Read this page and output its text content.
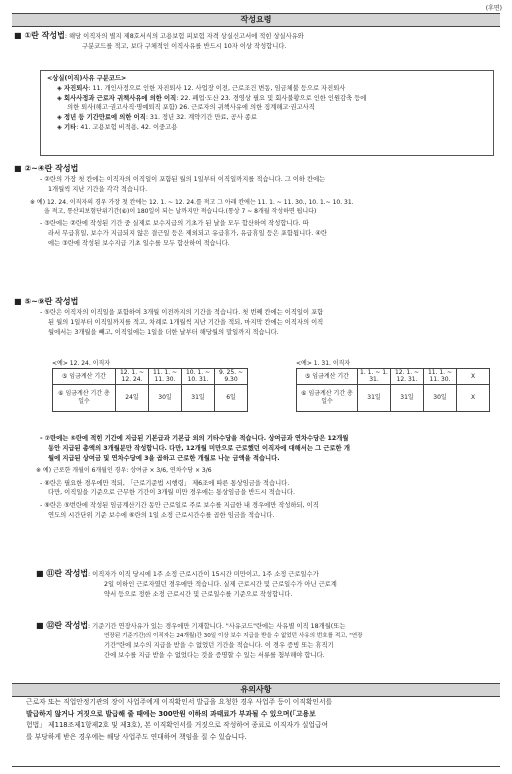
(후면)
작성요령
■ ①란 작성법: 해당 이직자의 별지 제8호서식의 고용보험 피보험 자격 상실신고서에 적힌 상실사유와
구분코드를 적고, 보다 구체적인 이직사유를 반드시 10자 이상 작성합니다.
<상실(이직)사유 구분코드>
◈ 자진퇴사: 11. 개인사정으로 인한 자진퇴사 12. 사업장 이전, 근로조건 변동, 임금체불 등으로 자진퇴사
◈ 회사사정과 근로자 귀책사유에 의한 이직: 22. 폐업·도산 23. 경영상 필요 및 회사불황으로 인한 인원감축 등에
의한 퇴사(해고·권고사직·명예퇴직 포함) 26. 근로자의 귀책사유에 의한 징계해고·권고사직
◈ 정년 등 기간만료에 의한 이직: 31. 정년 32. 계약기간 만료, 공사 종료
◈ 기타: 41. 고용보험 비적용, 42. 이중고용
■ ②~④란 작성법
- ②란의 가장 첫 칸에는 이직자의 이직일이 포함된 월의 1일부터 이직일까지를 적습니다. 그 이하 칸에는
1개월씩 지난 기간을 각각 적습니다.
※ 예) 12. 24. 이직자의 경우 가장 첫 칸에는 12. 1. ~ 12. 24.를 적고 그 아래 칸에는 11. 1. ~ 11. 30., 10. 1.~ 10. 31.
을 적고, 통산피보험단위기간(⑥)이 180일이 되는 날까지만 적습니다.(통상 7 ~ 8개월 작성하면 됩니다)
- ③란에는 ②란에 작성된 기간 중 실제로 보수지급의 기초가 된 날을 모두 합산하여 작성합니다. 따
라서 무급휴일, 보수가 지급되지 않은 결근일 등은 제외되고 유급휴가, 유급휴일 등은 포함됩니다. ④란
에는 ③란에 작성된 보수지급 기초 일수를 모두 합산하여 적습니다.
■ ⑤~⑨란 작성법
- ⑤란은 이직자의 이직일을 포함하여 3개월 이전까지의 기간을 적습니다. 첫 번째 칸에는 이직일이 포함
된 월의 1일부터 이직일까지를 적고, 차례로 1개월씩 지난 기간을 적되, 마지막 칸에는 이직자의 이직
월에서는 3개월을 빼고, 이직일에는 1일을 더한 날부터 해당월의 말일까지 적습니다.
<예> 12. 24. 이직자
⑤ 임금계산 기간	12. 1. ~ 12. 24.	11. 1. ~ 11. 30.	10. 1. ~ 10. 31.	9. 25. ~ 9.30
⑥ 임금계산 기간 총 일수	24일	30일	31일	6일
<예> 1. 31. 이직자
⑤ 임금계산 기간	1. 1. ~ 1. 31.	12. 1. ~ 12. 31.	11. 1. ~ 11. 30.	X
⑥ 임금계산 기간 총 일수	31일	31일	30일	X
- ⑦란에는 ⑤란에 적힌 기간에 지급된 기본급과 기본급 외의 기타수당을 적습니다. 상여금과 연차수당은 12개월
동안 지급된 총액의 3개월분만 작성합니다. 다만, 12개월 미만으로 근로했던 이직자에 대해서는 그 근로한 개
월에 지급된 상여금 및 연차수당에 3을 곱하고 근로한 개월로 나눈 금액을 적습니다.
※ 예) 근로한 개월이 6개월인 경우: 상여금 × 3/6, 연차수당 × 3/6
- ⑧란은 필요한 경우에만 적되, 「근로기준법 시행령」 제6조에 따른 통상임금을 적습니다.
다만, 이직일을 기준으로 근무한 기간이 3개월 미만 경우에는 통상임금을 반드시 적습니다.
- ⑨란은 ⑤번란에 작성된 임금계산기간 동안 근로일로 주로 보수를 지급한 내 경우에만 작성하되, 이직
연도의 시간단위 기준 보수에 ⑥란의 1일 소정 근로시간수를 곱한 임금을 적습니다.
■ ⑪란 작성법: 이직자가 이직 당시에 1주 소정 근로시간이 15시간 미만이고, 1주 소정 근로일수가
2일 이하인 근로자였던 경우에만 적습니다. 실제 근로시간 및 근로일수가 아닌 근로계
약서 등으로 정한 소정 근로시간 및 근로일수를 기준으로 작성합니다.
■ ⑫란 작성법: 기준기간 연장사유가 있는 경우에만 기재합니다. "사유코드"란에는 사유별 이직 18개월(또는
연장된 기준기간)의 이직자는 24개월)간 30일 이상 보수 지급을 받을 수 없었던 사유의 번호를 적고, "연장
기간"란에 보수의 지급을 받을 수 없었던 기간을 적습니다. 이 경우 증빙 또는 휴직기
간에 보수를 지급 받을 수 없었다는 것을 증명할 수 있는 서류를 첨부해야 합니다.
유의사항
근로자 또는 직업안정기관의 장이 사업주에게 이직확인서 발급을 요청한 경우 사업주 등이 이직확인서를
발급하지 않거나 거짓으로 발급해 줄 때에는 300만원 이하의 과태료가 부과될 수 있으며(「고용보
험법」 제118조제1항제2호 및 제3호), 본 이직확인서를 거짓으로 작성하여 종료로 이직자가 실업급여
를 부당하게 받은 경우에는 해당 사업주도 연대하여 책임을 질 수 있습니다.
